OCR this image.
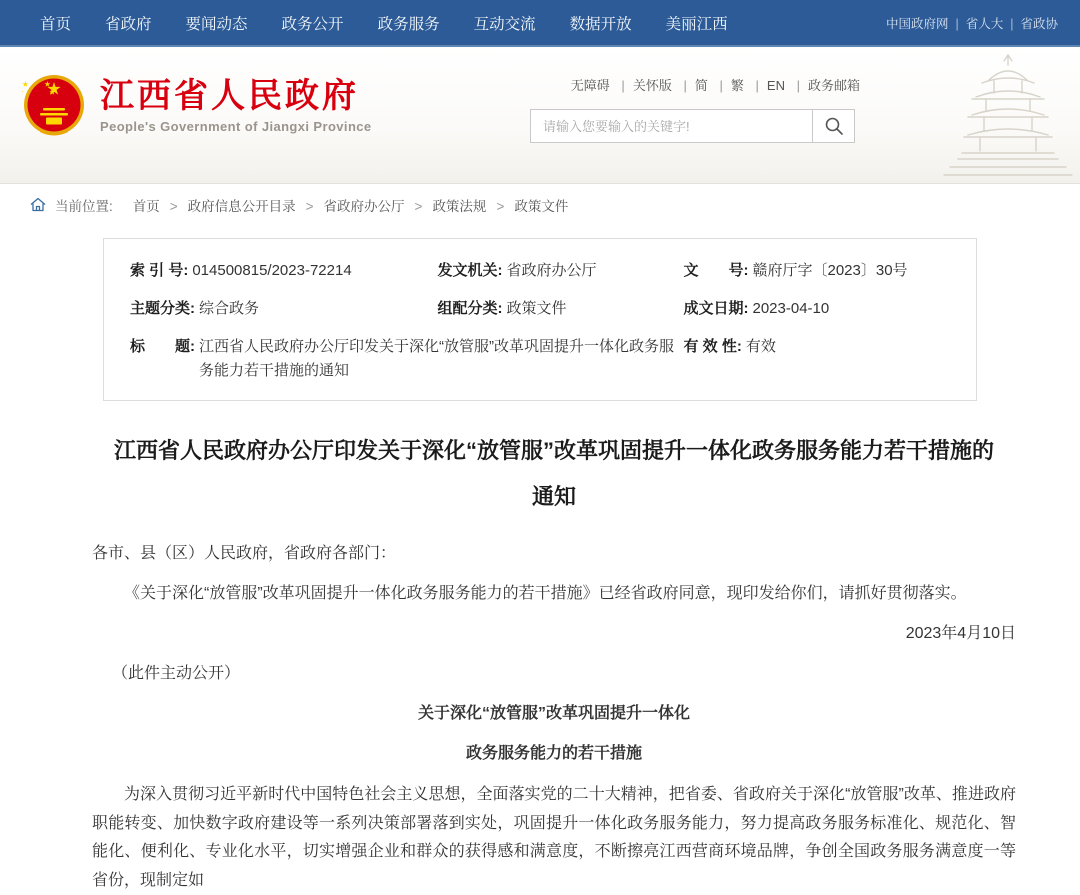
首页 省政府 要闻动态 政务公开 政务服务 互动交流 数据开放 美丽江西	中国政府网	| 省人大	| 省政协
江西省人民政府
People's Government of Jiangxi Province
无障碍 | 关怀版 | 简 | 繁 | EN | 政务邮箱
请输入您要输入的关键字!
当前位置: 首页	> 政府信息公开目录	> 省政府办公厅	> 政策法规	> 政策文件
索 引 号: 014500815/2023-72214	发文机关: 省政府办公厅	文　　号: 赣府厅字〔2023〕30号
主题分类: 综合政务	组配分类: 政策文件	成文日期: 2023-04-10
标　　题: 江西省人民政府办公厅印发关于深化“放管服”改革巩固提升一体化政务服务能力若干措施的通知
有 效 性: 有效
江西省人民政府办公厅印发关于深化“放管服”改革巩固提升一体化政务服务能力若干措施的通知

各市、县（区）人民政府，省政府各部门：

《关于深化“放管服”改革巩固提升一体化政务服务能力的若干措施》已经省政府同意，现印发给你们，请抓好贯彻落实。

2023年4月10日

（此件主动公开）

关于深化“放管服”改革巩固提升一体化

政务服务能力的若干措施

为深入贯彻习近平新时代中国特色社会主义思想，全面落实党的二十大精神，把省委、省政府关于深化“放管服”改革、推进政府职能转变、加快数字政府建设等一系列决策部署落到实处，巩固提升一体化政务服务能力，努力提高政务服务标准化、规范化、智能化、便利化、专业化水平，切实增强企业和群众的获得感和满意度，不断擦亮江西营商环境品牌，争创全国政务服务满意度一等省份，现制定如
